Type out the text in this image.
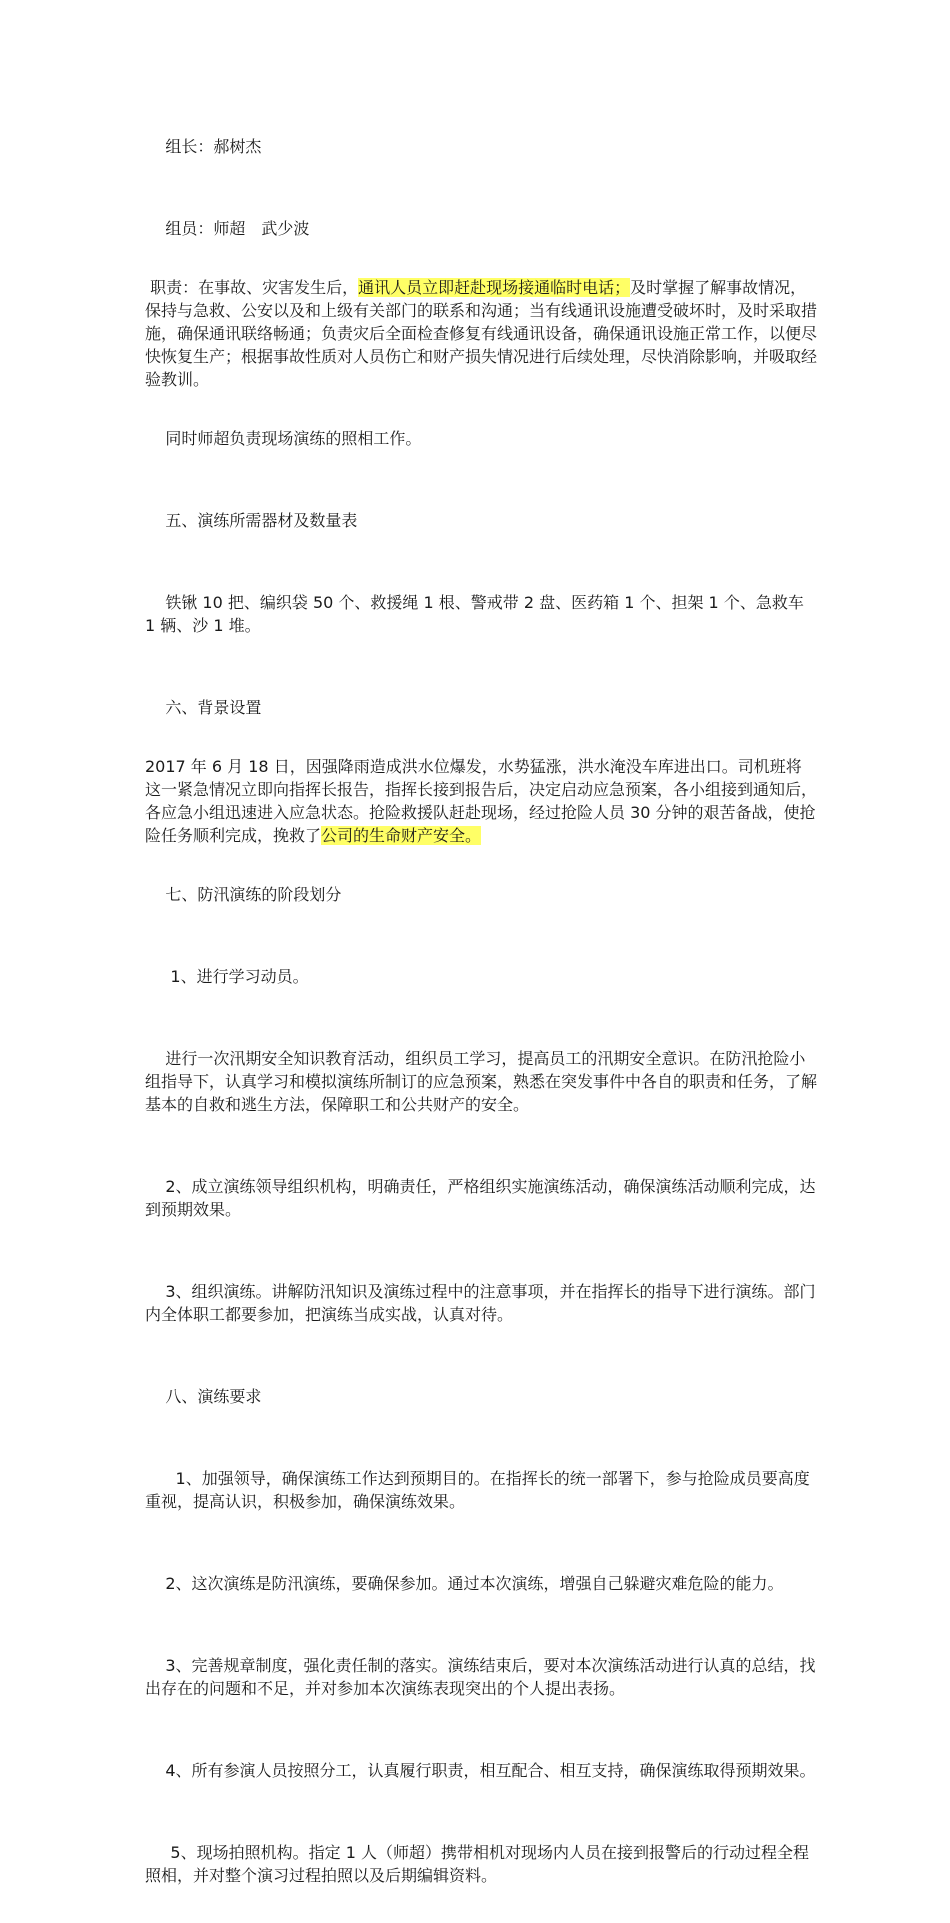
组长：郝树杰

组员：师超　武少波

职责：在事故、灾害发生后，通讯人员立即赶赴现场接通临时电话；及时掌握了解事故情况，保持与急救、公安以及和上级有关部门的联系和沟通；当有线通讯设施遭受破坏时，及时采取措施，确保通讯联络畅通；负责灾后全面检查修复有线通讯设备，确保通讯设施正常工作，以便尽快恢复生产；根据事故性质对人员伤亡和财产损失情况进行后续处理，尽快消除影响，并吸取经验教训。

同时师超负责现场演练的照相工作。

五、演练所需器材及数量表

铁锹 10 把、编织袋 50 个、救援绳 1 根、警戒带 2 盘、医药箱 1 个、担架 1 个、急救车 1 辆、沙 1 堆。

六、背景设置

2017 年 6 月 18 日，因强降雨造成洪水位爆发，水势猛涨，洪水淹没车库进出口。司机班将这一紧急情况立即向指挥长报告，指挥长接到报告后，决定启动应急预案，各小组接到通知后，各应急小组迅速进入应急状态。抢险救援队赶赴现场，经过抢险人员 30 分钟的艰苦备战，使抢险任务顺利完成，挽救了公司的生命财产安全。

七、防汛演练的阶段划分

1、进行学习动员。

进行一次汛期安全知识教育活动，组织员工学习，提高员工的汛期安全意识。在防汛抢险小组指导下，认真学习和模拟演练所制订的应急预案，熟悉在突发事件中各自的职责和任务，了解基本的自救和逃生方法，保障职工和公共财产的安全。

2、成立演练领导组织机构，明确责任，严格组织实施演练活动，确保演练活动顺利完成，达到预期效果。

3、组织演练。讲解防汛知识及演练过程中的注意事项，并在指挥长的指导下进行演练。部门内全体职工都要参加，把演练当成实战，认真对待。

八、演练要求

1、加强领导，确保演练工作达到预期目的。在指挥长的统一部署下，参与抢险成员要高度重视，提高认识，积极参加，确保演练效果。

2、这次演练是防汛演练，要确保参加。通过本次演练，增强自己躲避灾难危险的能力。

3、完善规章制度，强化责任制的落实。演练结束后，要对本次演练活动进行认真的总结，找出存在的问题和不足，并对参加本次演练表现突出的个人提出表扬。

4、所有参演人员按照分工，认真履行职责，相互配合、相互支持，确保演练取得预期效果。

5、现场拍照机构。指定 1 人（师超）携带相机对现场内人员在接到报警后的行动过程全程照相，并对整个演习过程拍照以及后期编辑资料。
